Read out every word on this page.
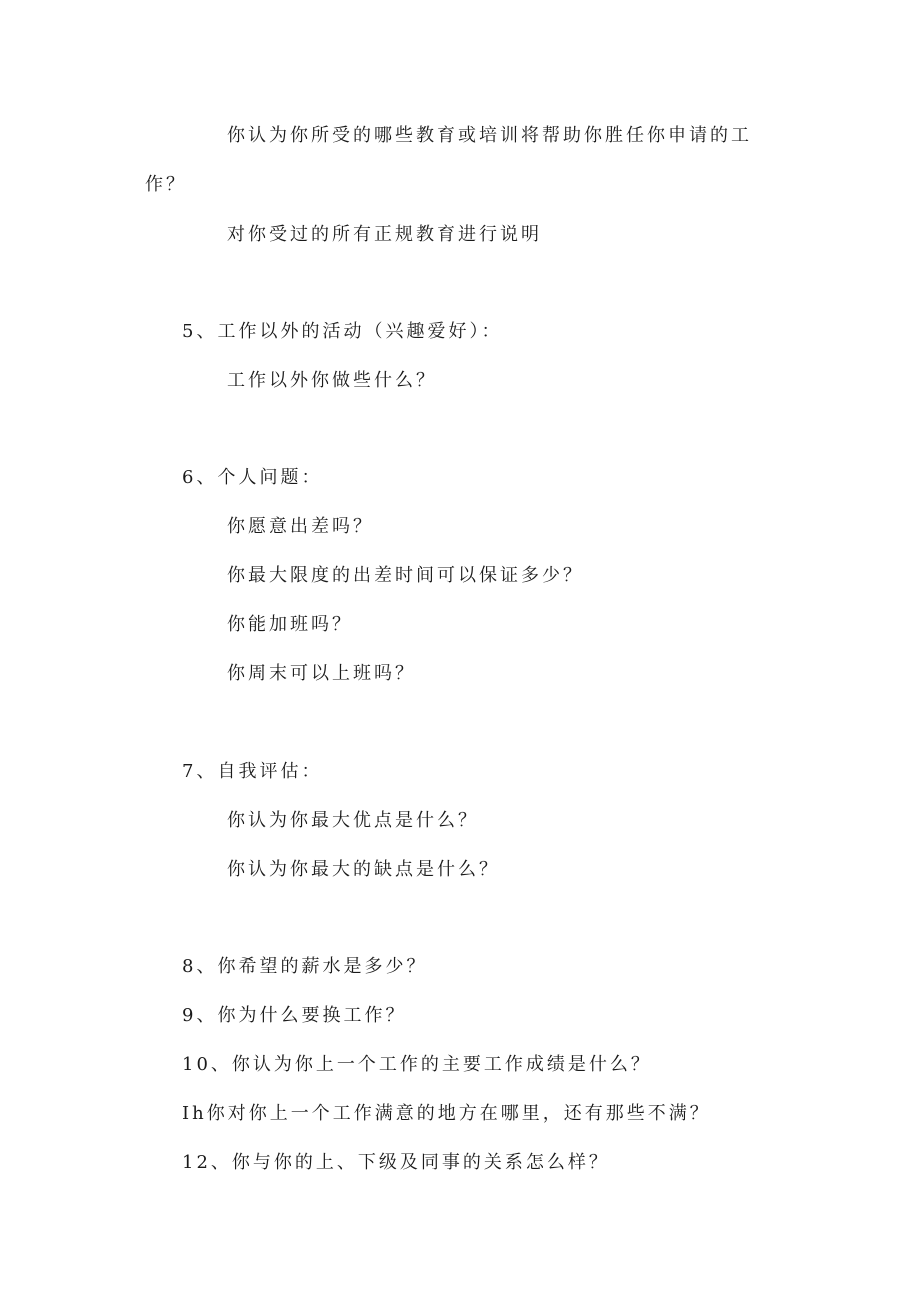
你认为你所受的哪些教育或培训将帮助你胜任你申请的工
作？
对你受过的所有正规教育进行说明
5、工作以外的活动（兴趣爱好）：
工作以外你做些什么？
6、个人问题：
你愿意出差吗？
你最大限度的出差时间可以保证多少？
你能加班吗？
你周末可以上班吗？
7、自我评估：
你认为你最大优点是什么？
你认为你最大的缺点是什么？
8、你希望的薪水是多少？
9、你为什么要换工作？
10、你认为你上一个工作的主要工作成绩是什么？
Ih你对你上一个工作满意的地方在哪里，还有那些不满？
12、你与你的上、下级及同事的关系怎么样？
